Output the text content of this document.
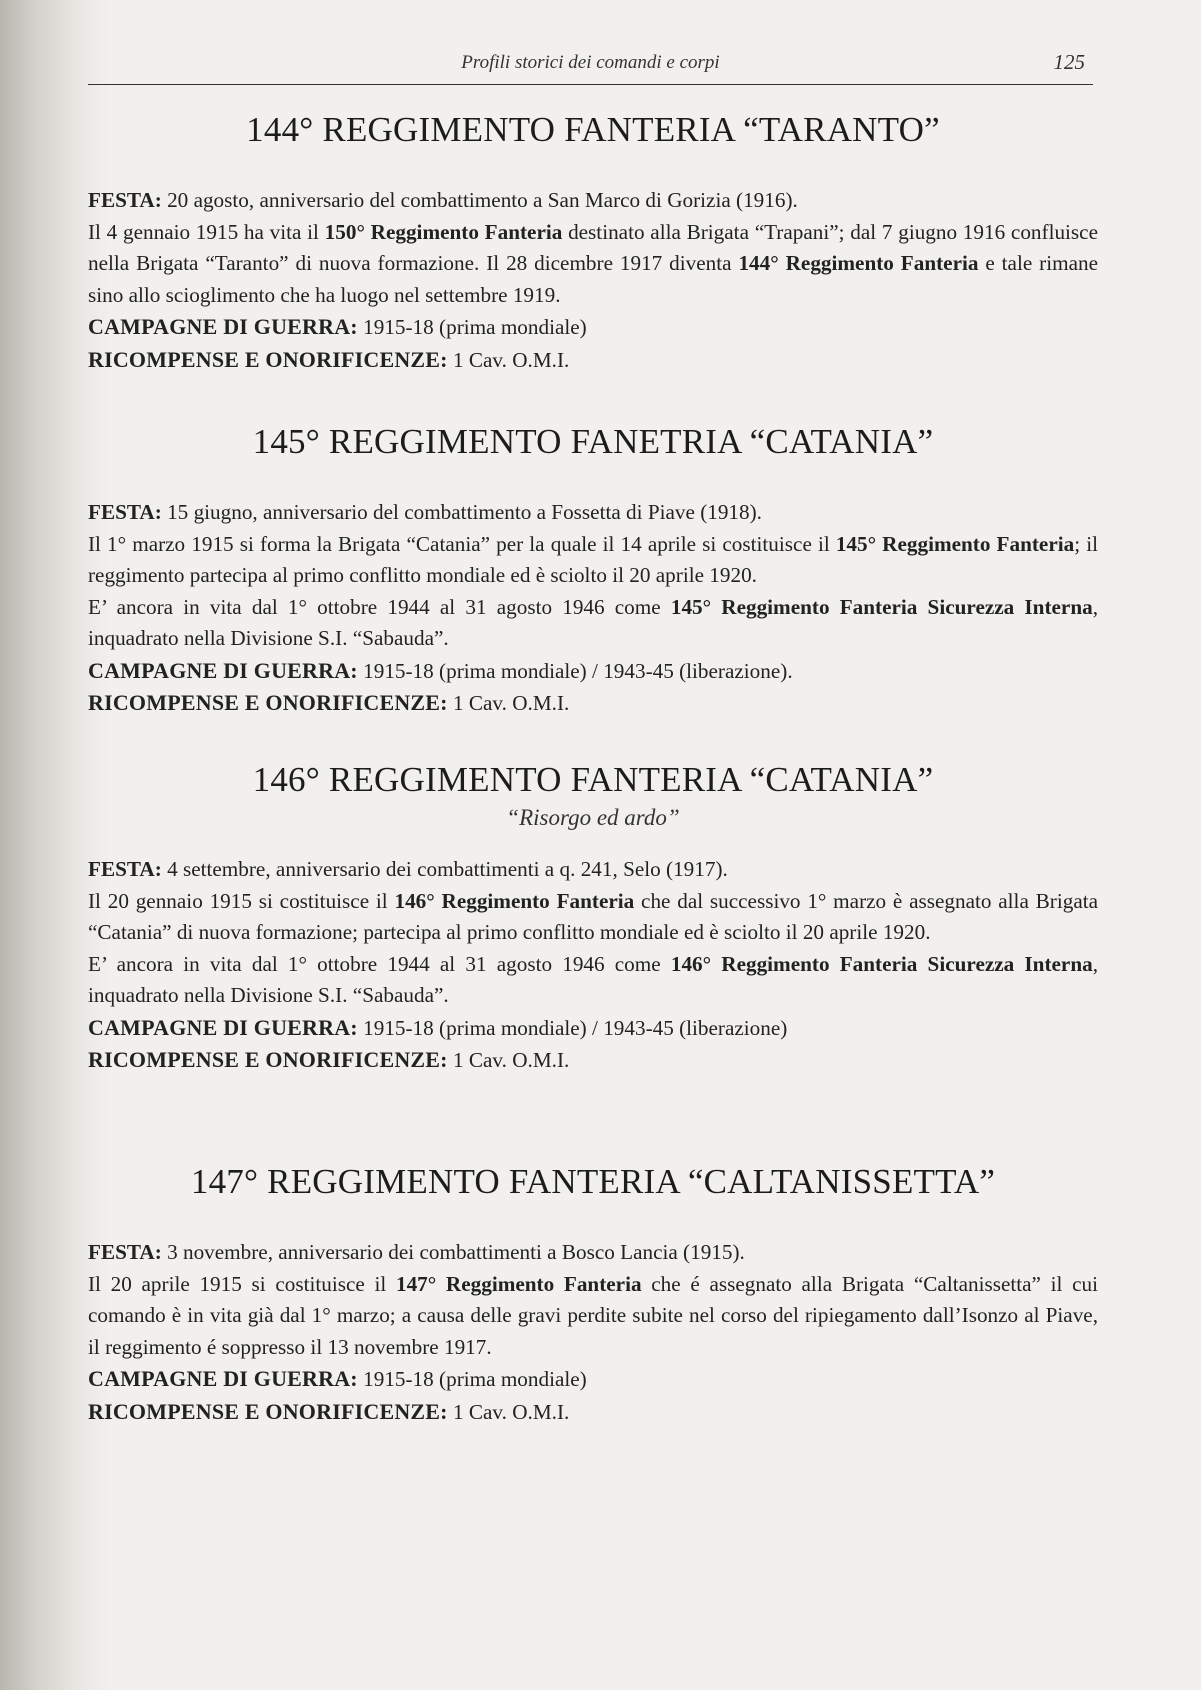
Profili storici dei comandi e corpi	125
144° REGGIMENTO FANTERIA “TARANTO”

FESTA: 20 agosto, anniversario del combattimento a San Marco di Gorizia (1916).

Il 4 gennaio 1915 ha vita il 150° Reggimento Fanteria destinato alla Brigata “Trapani”; dal 7 giugno 1916 confluisce nella Brigata “Taranto” di nuova formazione. Il 28 dicembre 1917 diventa 144° Reggimento Fanteria e tale rimane sino allo scioglimento che ha luogo nel settembre 1919.

CAMPAGNE DI GUERRA: 1915-18 (prima mondiale)

RICOMPENSE E ONORIFICENZE: 1 Cav. O.M.I.

145° REGGIMENTO FANETRIA “CATANIA”

FESTA: 15 giugno, anniversario del combattimento a Fossetta di Piave (1918).

Il 1° marzo 1915 si forma la Brigata “Catania” per la quale il 14 aprile si costituisce il 145° Reggimento Fanteria; il reggimento partecipa al primo conflitto mondiale ed è sciolto il 20 aprile 1920.

E’ ancora in vita dal 1° ottobre 1944 al 31 agosto 1946 come 145° Reggimento Fanteria Sicurezza Interna, inquadrato nella Divisione S.I. “Sabauda”.

CAMPAGNE DI GUERRA: 1915-18 (prima mondiale) / 1943-45 (liberazione).

RICOMPENSE E ONORIFICENZE: 1 Cav. O.M.I.

146° REGGIMENTO FANTERIA “CATANIA”
“Risorgo ed ardo”

FESTA: 4 settembre, anniversario dei combattimenti a q. 241, Selo (1917).

Il 20 gennaio 1915 si costituisce il 146° Reggimento Fanteria che dal successivo 1° marzo è assegnato alla Brigata “Catania” di nuova formazione; partecipa al primo conflitto mondiale ed è sciolto il 20 aprile 1920.

E’ ancora in vita dal 1° ottobre 1944 al 31 agosto 1946 come 146° Reggimento Fanteria Sicurezza Interna, inquadrato nella Divisione S.I. “Sabauda”.

CAMPAGNE DI GUERRA: 1915-18 (prima mondiale) / 1943-45 (liberazione)

RICOMPENSE E ONORIFICENZE: 1 Cav. O.M.I.

147° REGGIMENTO FANTERIA “CALTANISSETTA”

FESTA: 3 novembre, anniversario dei combattimenti a Bosco Lancia (1915).

Il 20 aprile 1915 si costituisce il 147° Reggimento Fanteria che é assegnato alla Brigata “Caltanissetta” il cui comando è in vita già dal 1° marzo; a causa delle gravi perdite subite nel corso del ripiegamento dall’Isonzo al Piave, il reggimento é soppresso il 13 novembre 1917.

CAMPAGNE DI GUERRA: 1915-18 (prima mondiale)

RICOMPENSE E ONORIFICENZE: 1 Cav. O.M.I.
